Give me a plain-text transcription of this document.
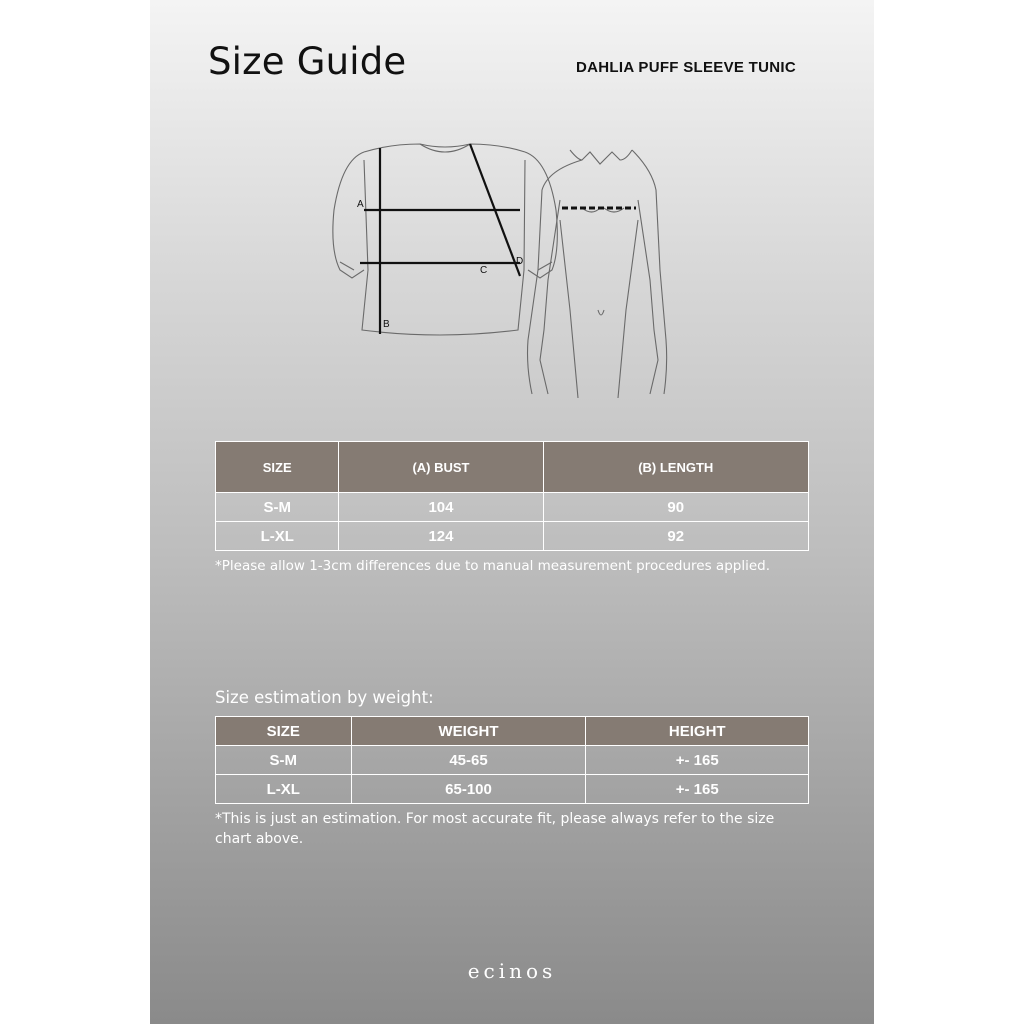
Size Guide	DAHLIA PUFF SLEEVE TUNIC
A
B
C
D
SIZE	(A) BUST	(B) LENGTH
S-M	104	90
L-XL	124	92
*Please allow 1-3cm differences due to manual measurement procedures applied.
Size estimation by weight:
SIZE	WEIGHT	HEIGHT
S-M	45-65	+- 165
L-XL	65-100	+- 165
*This is just an estimation. For most accurate fit, please always refer to the size chart above.
ecinos
